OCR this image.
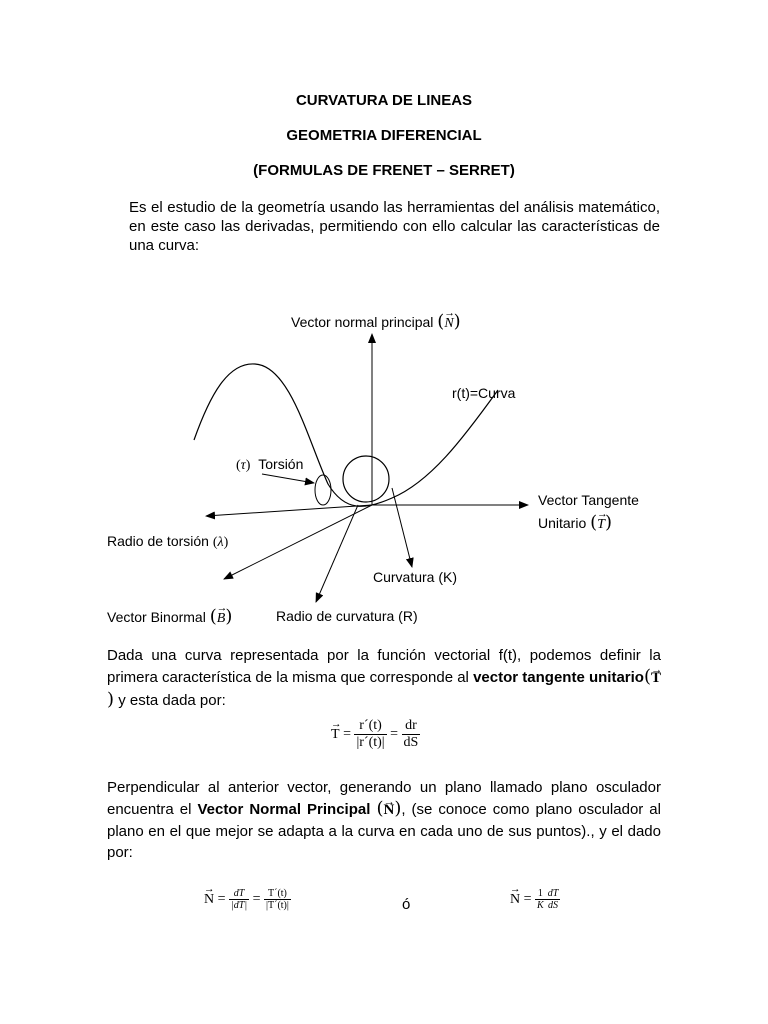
CURVATURA DE LINEAS
GEOMETRIA DIFERENCIAL
(FORMULAS DE FRENET – SERRET)
Es el estudio de la geometría usando las herramientas del análisis matemático, en este caso las derivadas, permitiendo con ello calcular las características de una curva:
Vector normal principal (→ N)
r(t)=Curva
(τ) Torsión
Vector Tangente
Unitario (→ T)
Radio de torsión (λ)
Curvatura (K)
Vector Binormal (→ B)	Radio de curvatura (R)
Dada una curva representada por la función vectorial f(t), podemos definir la primera característica de la misma que corresponde al vector tangente unitario(→ T) y esta dada por:
→ $T = \frac{r´(t)}{|r´(t)|} = \frac{dr}{dS}$
Perpendicular al anterior vector, generando un plano llamado plano osculador encuentra el Vector Normal Principal (→ N), (se conoce como plano osculador al plano en el que mejor se adapta a la curva en cada uno de sus puntos)., y el dado por:
→ $N = \frac{dT}{|dT|} = \frac{T´(t)}{|T´(t)|}$	ó
→	$N = \frac{1}{K} \frac{dT}{dS}$
